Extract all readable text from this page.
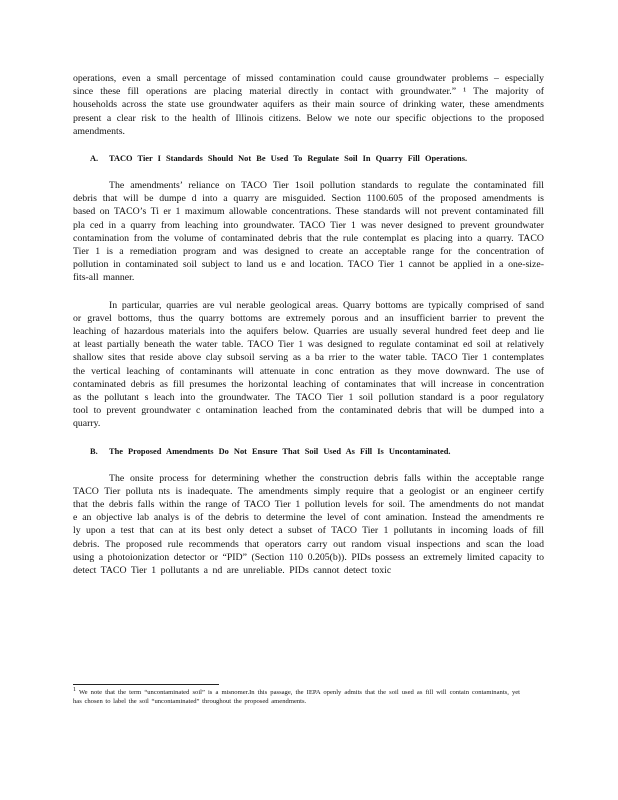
operations, even a small percentage of missed contamination could cause groundwater problems – especially since these fill operations are placing material directly in contact with groundwater.” ¹ The majority of households across the state use groundwater aquifers as their main source of drinking water, these amendments present a clear risk to the health of Illinois citizens. Below we note our specific objections to the proposed amendments.

A.	TACO Tier I Standards Should Not Be Used To Regulate Soil In Quarry Fill Operations.

The amendments’ reliance on TACO Tier 1soil pollution standards to regulate the contaminated fill debris that will be dumpe d into a quarry are misguided. Section 1100.605 of the proposed amendments is based on TACO’s Ti er 1 maximum allowable concentrations. These standards will not prevent contaminated fill pla ced in a quarry from leaching into groundwater. TACO Tier 1 was never designed to prevent groundwater contamination from the volume of contaminated debris that the rule contemplat es placing into a quarry. TACO Tier 1 is a remediation program and was designed to create an acceptable range for the concentration of pollution in contaminated soil subject to land us e and location. TACO Tier 1 cannot be applied in a one-size-fits-all manner.

In particular, quarries are vul nerable geological areas. Quarry bottoms are typically comprised of sand or gravel bottoms, thus the quarry bottoms are extremely porous and an insufficient barrier to prevent the leaching of hazardous materials into the aquifers below. Quarries are usually several hundred feet deep and lie at least partially beneath the water table. TACO Tier 1 was designed to regulate contaminat ed soil at relatively shallow sites that reside above clay subsoil serving as a ba rrier to the water table. TACO Tier 1 contemplates the vertical leaching of contaminants will attenuate in conc entration as they move downward. The use of contaminated debris as fill presumes the horizontal leaching of contaminates that will increase in concentration as the pollutant s leach into the groundwater. The TACO Tier 1 soil pollution standard is a poor regulatory tool to prevent groundwater c ontamination leached from the contaminated debris that will be dumped into a quarry.

B.	The Proposed Amendments Do Not Ensure That Soil Used As Fill Is Uncontaminated.

The onsite process for determining whether the construction debris falls within the acceptable range TACO Tier polluta nts is inadequate. The amendments simply require that a geologist or an engineer certify that the debris falls within the range of TACO Tier 1 pollution levels for soil. The amendments do not mandat e an objective lab analys is of the debris to determine the level of cont amination. Instead the amendments re ly upon a test that can at its best only detect a subset of TACO Tier 1 pollutants in incoming loads of fill debris. The proposed rule recommends that operators carry out random visual inspections and scan the load using a photoionization detector or “PID” (Section 110 0.205(b)). PIDs possess an extremely limited capacity to detect TACO Tier 1 pollutants a nd are unreliable. PIDs cannot detect toxic

$^1$ We note that the term “uncontaminated soil” is a misnomer.In this passage, the IEPA openly admits that the soil used as fill will contain contaminants, yet has chosen to label the soil “uncontaminated” throughout the proposed amendments.
